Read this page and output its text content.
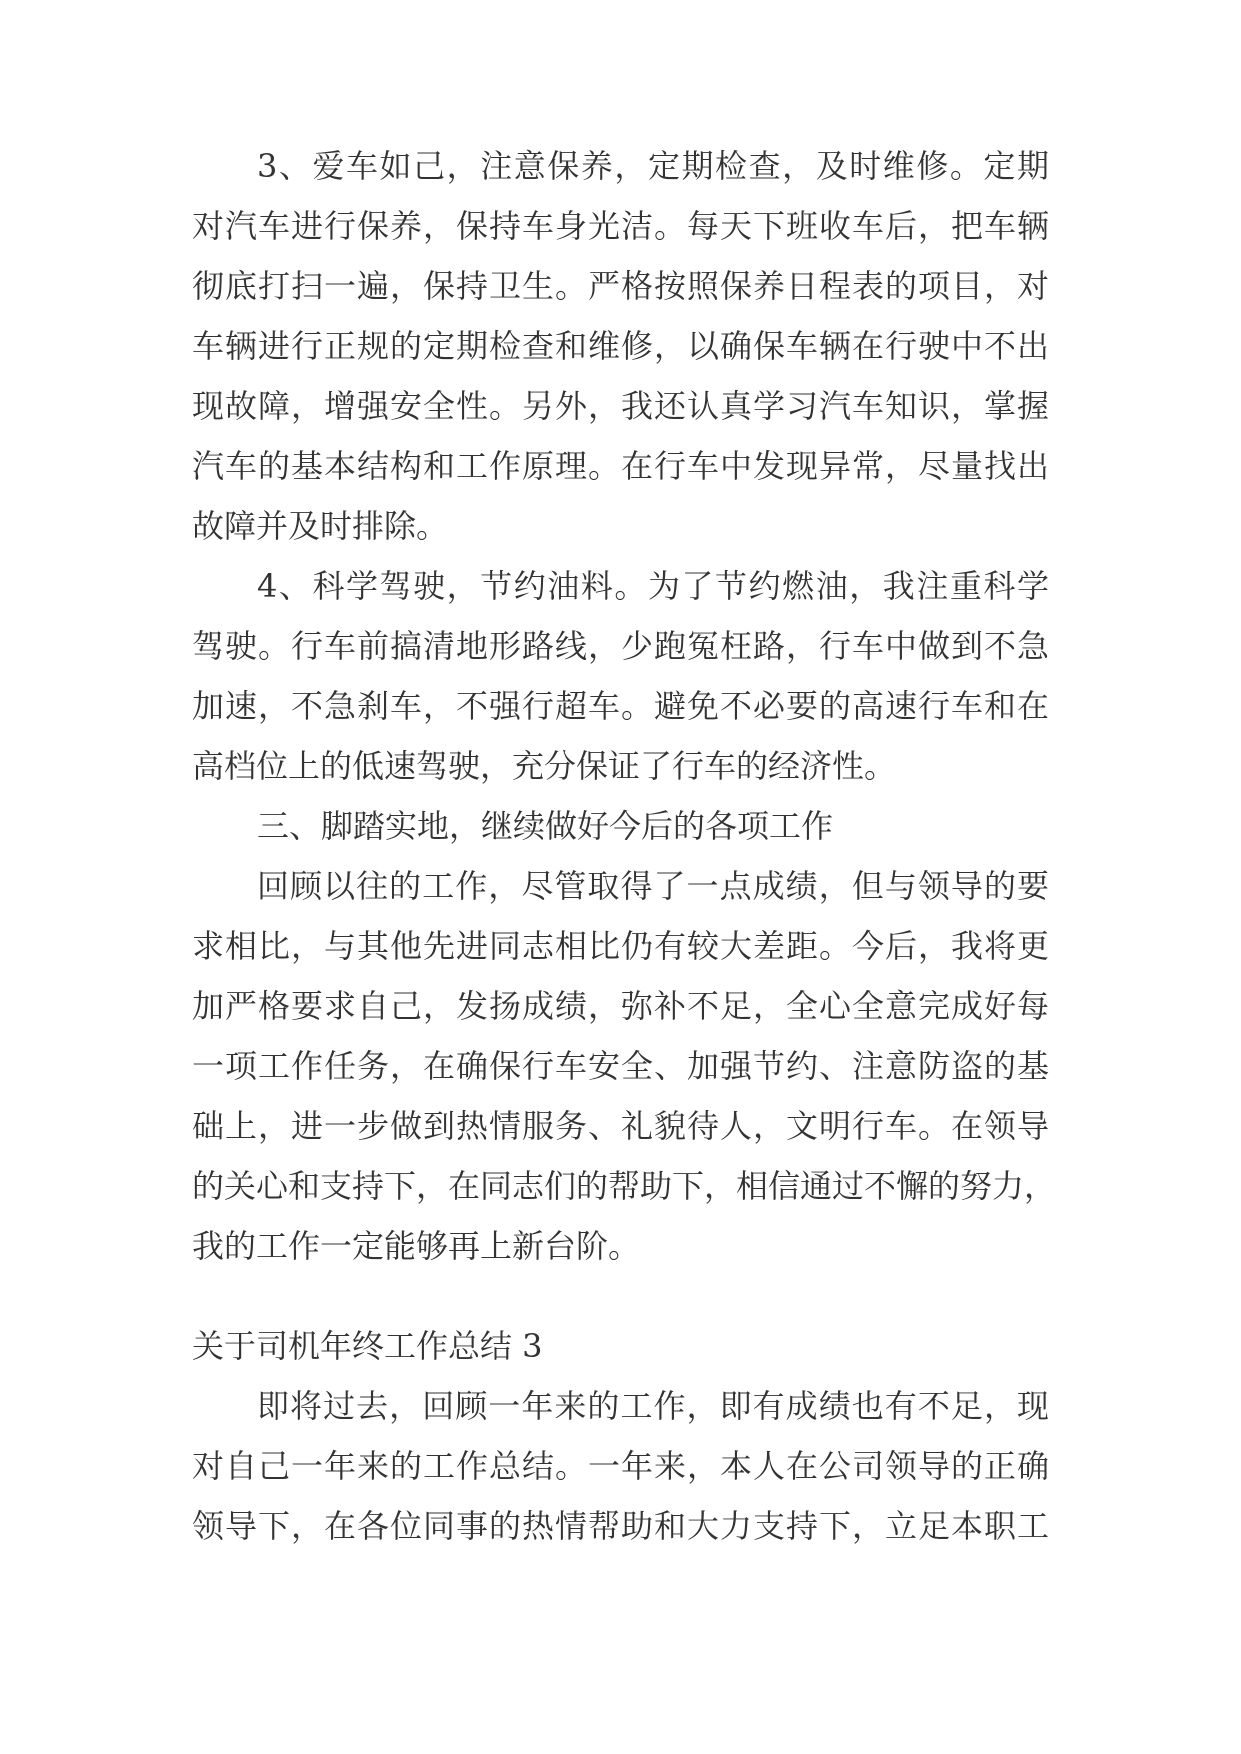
3、爱车如己，注意保养，定期检查，及时维修。定期
对汽车进行保养，保持车身光洁。每天下班收车后，把车辆
彻底打扫一遍，保持卫生。严格按照保养日程表的项目，对
车辆进行正规的定期检查和维修，以确保车辆在行驶中不出
现故障，增强安全性。另外，我还认真学习汽车知识，掌握
汽车的基本结构和工作原理。在行车中发现异常，尽量找出
故障并及时排除。
4、科学驾驶，节约油料。为了节约燃油，我注重科学
驾驶。行车前搞清地形路线，少跑冤枉路，行车中做到不急
加速，不急刹车，不强行超车。避免不必要的高速行车和在
高档位上的低速驾驶，充分保证了行车的经济性。
三、脚踏实地，继续做好今后的各项工作
回顾以往的工作，尽管取得了一点成绩，但与领导的要
求相比，与其他先进同志相比仍有较大差距。今后，我将更
加严格要求自己，发扬成绩，弥补不足，全心全意完成好每
一项工作任务，在确保行车安全、加强节约、注意防盗的基
础上，进一步做到热情服务、礼貌待人，文明行车。在领导
的关心和支持下，在同志们的帮助下，相信通过不懈的努力，
我的工作一定能够再上新台阶。
关于司机年终工作总结 3
即将过去，回顾一年来的工作，即有成绩也有不足，现
对自己一年来的工作总结。一年来，本人在公司领导的正确
领导下，在各位同事的热情帮助和大力支持下，立足本职工
